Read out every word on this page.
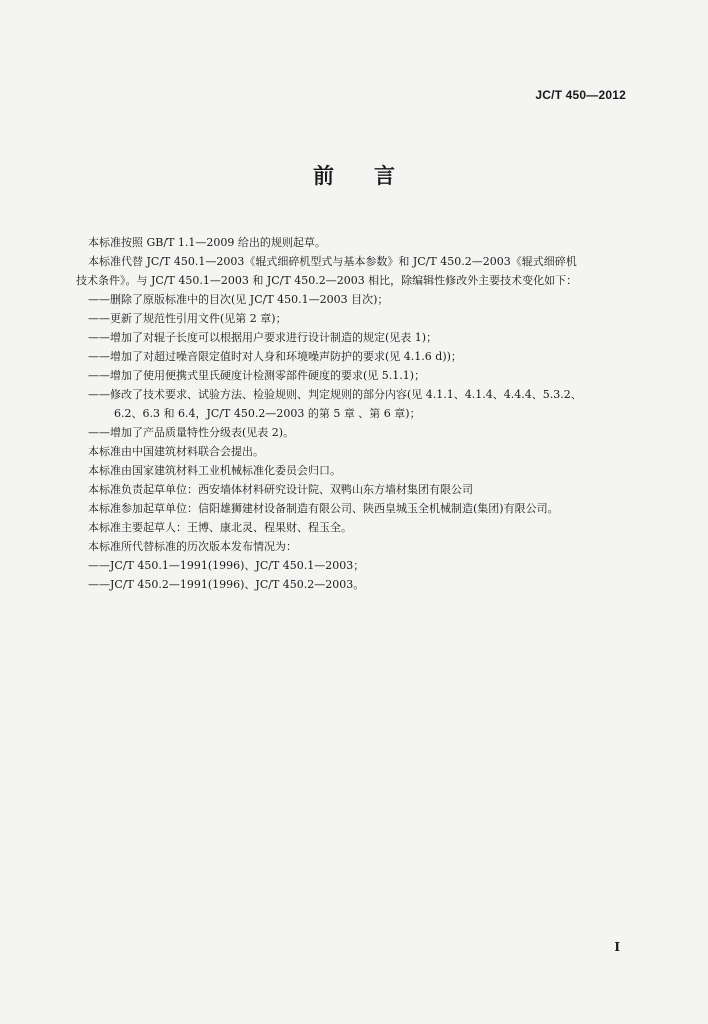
JC/T 450—2012
前 言
本标准按照 GB/T 1.1—2009 给出的规则起草。
本标准代替 JC/T 450.1—2003《辊式细碎机型式与基本参数》和 JC/T 450.2—2003《辊式细碎机
技术条件》。与 JC/T 450.1—2003 和 JC/T 450.2—2003 相比，除编辑性修改外主要技术变化如下：
——删除了原版标准中的目次(见 JC/T 450.1—2003 目次)；
——更新了规范性引用文件(见第 2 章)；
——增加了对辊子长度可以根据用户要求进行设计制造的规定(见表 1)；
——增加了对超过噪音限定值时对人身和环境噪声防护的要求(见 4.1.6 d))；
——增加了使用便携式里氏硬度计检测零部件硬度的要求(见 5.1.1)；
——修改了技术要求、试验方法、检验规则、判定规则的部分内容(见 4.1.1、4.1.4、4.4.4、5.3.2、
6.2、6.3 和 6.4，JC/T 450.2—2003 的第 5 章 、第 6 章)；
——增加了产品质量特性分级表(见表 2)。
本标准由中国建筑材料联合会提出。
本标准由国家建筑材料工业机械标准化委员会归口。
本标准负责起草单位：西安墙体材料研究设计院、双鸭山东方墙材集团有限公司
本标准参加起草单位：信阳雄狮建材设备制造有限公司、陕西皇城玉全机械制造(集团)有限公司。
本标准主要起草人：王博、康北灵、程果财、程玉全。
本标准所代替标准的历次版本发布情况为：
——JC/T 450.1—1991(1996)、JC/T 450.1—2003；
——JC/T 450.2—1991(1996)、JC/T 450.2—2003。
I
